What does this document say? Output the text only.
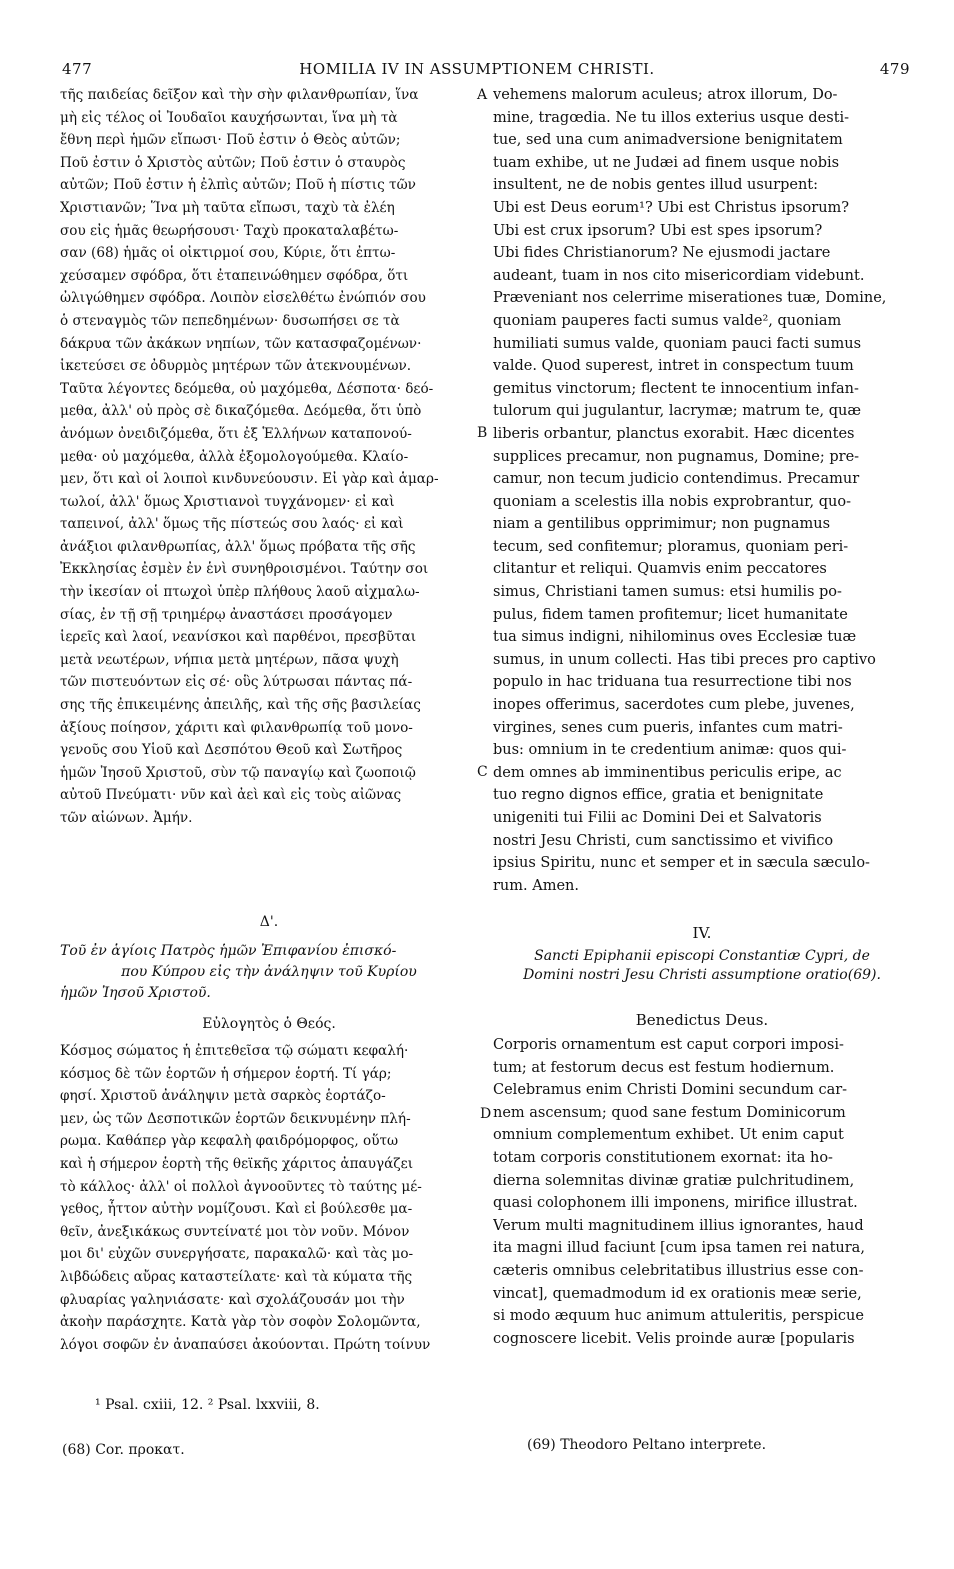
477	HOMILIA IV IN ASSUMPTIONEM CHRISTI.	479
τῆς παιδείας δεῖξον καὶ τὴν σὴν φιλανθρωπίαν, ἵνα
μὴ εἰς τέλος οἱ Ἰουδαῖοι καυχήσωνται, ἵνα μὴ τὰ
ἔθνη περὶ ἡμῶν εἴπωσι· Ποῦ ἐστιν ὁ Θεὸς αὐτῶν;
Ποῦ ἐστιν ὁ Χριστὸς αὐτῶν; Ποῦ ἐστιν ὁ σταυρὸς
αὐτῶν; Ποῦ ἐστιν ἡ ἐλπὶς αὐτῶν; Ποῦ ἡ πίστις τῶν
Χριστιανῶν; Ἵνα μὴ ταῦτα εἴπωσι, ταχὺ τὰ ἐλέη
σου εἰς ἡμᾶς θεωρήσουσι· Ταχὺ προκαταλαβέτω-
σαν (68) ἡμᾶς οἱ οἰκτιρμοί σου, Κύριε, ὅτι ἐπτω-
χεύσαμεν σφόδρα, ὅτι ἐταπεινώθημεν σφόδρα, ὅτι
ὠλιγώθημεν σφόδρα. Λοιπὸν εἰσελθέτω ἐνώπιόν σου
ὁ στεναγμὸς τῶν πεπεδημένων· δυσωπήσει σε τὰ
δάκρυα τῶν ἀκάκων νηπίων, τῶν κατασφαζομένων·
ἱκετεύσει σε ὀδυρμὸς μητέρων τῶν ἀτεκνουμένων.
Ταῦτα λέγοντες δεόμεθα, οὐ μαχόμεθα, Δέσποτα· δεό-
μεθα, ἀλλ' οὐ πρὸς σὲ δικαζόμεθα. Δεόμεθα, ὅτι ὑπὸ
ἀνόμων ὀνειδιζόμεθα, ὅτι ἐξ Ἑλλήνων καταπονού-
μεθα· οὐ μαχόμεθα, ἀλλὰ ἐξομολογούμεθα. Κλαίο-
μεν, ὅτι καὶ οἱ λοιποὶ κινδυνεύουσιν. Εἰ γὰρ καὶ ἁμαρ-
τωλοί, ἀλλ' ὅμως Χριστιανοὶ τυγχάνομεν· εἰ καὶ
ταπεινοί, ἀλλ' ὅμως τῆς πίστεώς σου λαός· εἰ καὶ
ἀνάξιοι φιλανθρωπίας, ἀλλ' ὅμως πρόβατα τῆς σῆς
Ἐκκλησίας ἐσμὲν ἐν ἑνὶ συνηθροισμένοι. Ταύτην σοι
τὴν ἱκεσίαν οἱ πτωχοὶ ὑπὲρ πλήθους λαοῦ αἰχμαλω-
σίας, ἐν τῇ σῇ τριημέρῳ ἀναστάσει προσάγομεν
ἱερεῖς καὶ λαοί, νεανίσκοι καὶ παρθένοι, πρεσβῦται
μετὰ νεωτέρων, νήπια μετὰ μητέρων, πᾶσα ψυχὴ
τῶν πιστευόντων εἰς σέ· οὓς λύτρωσαι πάντας πά-
σης τῆς ἐπικειμένης ἀπειλῆς, καὶ τῆς σῆς βασιλείας
ἀξίους ποίησον, χάριτι καὶ φιλανθρωπίᾳ τοῦ μονο-
γενοῦς σου Υἱοῦ καὶ Δεσπότου Θεοῦ καὶ Σωτῆρος
ἡμῶν Ἰησοῦ Χριστοῦ, σὺν τῷ παναγίῳ καὶ ζωοποιῷ
αὐτοῦ Πνεύματι· νῦν καὶ ἀεὶ καὶ εἰς τοὺς αἰῶνας
τῶν αἰώνων. Ἀμήν.
vehemens malorum aculeus; atrox illorum, Do-
mine, tragœdia. Ne tu illos exterius usque desti-
tue, sed una cum animadversione benignitatem
tuam exhibe, ut ne Judæi ad finem usque nobis
insultent, ne de nobis gentes illud usurpent:
Ubi est Deus eorum¹? Ubi est Christus ipsorum?
Ubi est crux ipsorum? Ubi est spes ipsorum?
Ubi fides Christianorum? Ne ejusmodi jactare
audeant, tuam in nos cito misericordiam videbunt.
Præveniant nos celerrime miserationes tuæ, Domine,
quoniam pauperes facti sumus valde², quoniam
humiliati sumus valde, quoniam pauci facti sumus
valde. Quod superest, intret in conspectum tuum
gemitus vinctorum; flectent te innocentium infan-
tulorum qui jugulantur, lacrymæ; matrum te, quæ
liberis orbantur, planctus exorabit. Hæc dicentes
supplices precamur, non pugnamus, Domine; pre-
camur, non tecum judicio contendimus. Precamur
quoniam a scelestis illa nobis exprobrantur, quo-
niam a gentilibus opprimimur; non pugnamus
tecum, sed confitemur; ploramus, quoniam peri-
clitantur et reliqui. Quamvis enim peccatores
simus, Christiani tamen sumus: etsi humilis po-
pulus, fidem tamen profitemur; licet humanitate
tua simus indigni, nihilominus oves Ecclesiæ tuæ
sumus, in unum collecti. Has tibi preces pro captivo
populo in hac triduana tua resurrectione tibi nos
inopes offerimus, sacerdotes cum plebe, juvenes,
virgines, senes cum pueris, infantes cum matri-
bus: omnium in te credentium animæ: quos qui-
dem omnes ab imminentibus periculis eripe, ac
tuo regno dignos effice, gratia et benignitate
unigeniti tui Filii ac Domini Dei et Salvatoris
nostri Jesu Christi, cum sanctissimo et vivifico
ipsius Spiritu, nunc et semper et in sæcula sæculo-
rum. Amen.
A
B
C
D
Δ'.
Τοῦ ἐν ἁγίοις Πατρὸς ἡμῶν Ἐπιφανίου ἐπισκό-
που Κύπρου εἰς τὴν ἀνάληψιν τοῦ Κυρίου
ἡμῶν Ἰησοῦ Χριστοῦ.
Εὐλογητὸς ὁ Θεός.
IV.
Sancti Epiphanii episcopi Constantiæ Cypri, de
Domini nostri Jesu Christi assumptione oratio(69).
Benedictus Deus.
Κόσμος σώματος ἡ ἐπιτεθεῖσα τῷ σώματι κεφαλή·
κόσμος δὲ τῶν ἑορτῶν ἡ σήμερον ἑορτή. Τί γάρ;
φησί. Χριστοῦ ἀνάληψιν μετὰ σαρκὸς ἑορτάζο-
μεν, ὡς τῶν Δεσποτικῶν ἑορτῶν δεικνυμένην πλή-
ρωμα. Καθάπερ γὰρ κεφαλὴ φαιδρόμορφος, οὕτω
καὶ ἡ σήμερον ἑορτὴ τῆς θεϊκῆς χάριτος ἀπαυγάζει
τὸ κάλλος· ἀλλ' οἱ πολλοὶ ἀγνοοῦντες τὸ ταύτης μέ-
γεθος, ἧττον αὐτὴν νομίζουσι. Καὶ εἰ βούλεσθε μα-
θεῖν, ἀνεξικάκως συντείνατέ μοι τὸν νοῦν. Μόνον
μοι δι' εὐχῶν συνεργήσατε, παρακαλῶ· καὶ τὰς μο-
λιβδώδεις αὔρας καταστείλατε· καὶ τὰ κύματα τῆς
φλυαρίας γαληνιάσατε· καὶ σχολάζουσάν μοι τὴν
ἀκοὴν παράσχητε. Κατὰ γὰρ τὸν σοφὸν Σολομῶντα,
λόγοι σοφῶν ἐν ἀναπαύσει ἀκούονται. Πρώτη τοίνυν
Corporis ornamentum est caput corpori imposi-
tum; at festorum decus est festum hodiernum.
Celebramus enim Christi Domini secundum car-
nem ascensum; quod sane festum Dominicorum
omnium complementum exhibet. Ut enim caput
totam corporis constitutionem exornat: ita ho-
dierna solemnitas divinæ gratiæ pulchritudinem,
quasi colophonem illi imponens, mirifice illustrat.
Verum multi magnitudinem illius ignorantes, haud
ita magni illud faciunt [cum ipsa tamen rei natura,
cæteris omnibus celebritatibus illustrius esse con-
vincat], quemadmodum id ex orationis meæ serie,
si modo æquum huc animum attuleritis, perspicue
cognoscere licebit. Velis proinde auræ [popularis
¹ Psal. cxiii, 12. ² Psal. lxxviii, 8.
(68) Cor. προκατ.	(69) Theodoro Peltano interprete.
